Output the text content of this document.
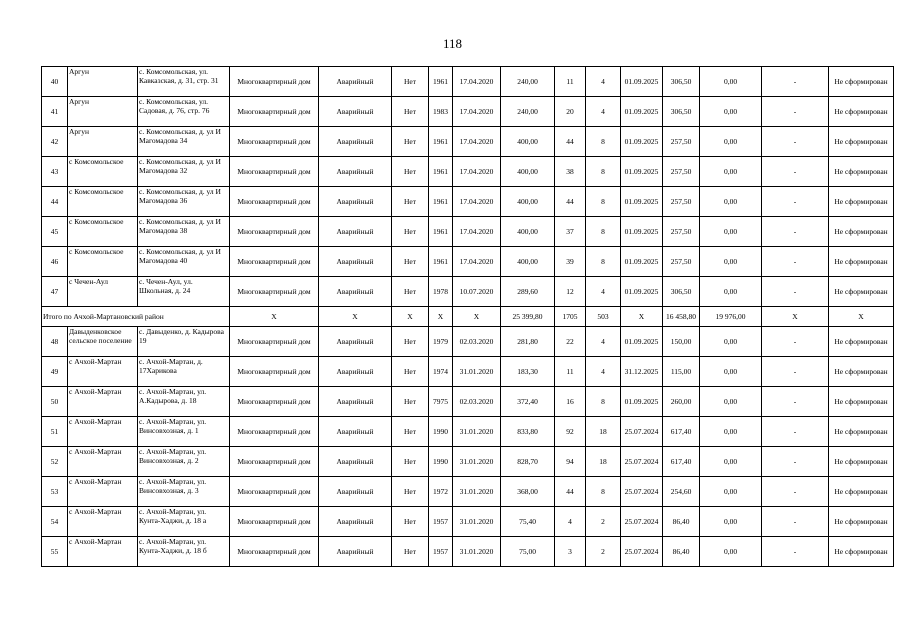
118
40	Аргун	с. Комсомольская, ул. Кавказская, д. 31, стр. 31	Многоквартирный дом	Аварийный	Нет	1961	17.04.2020	240,00	11	4	01.09.2025	306,50	0,00	-	Не сформирован
41	Аргун	с. Комсомольская, ул. Садовая, д. 76, стр. 76	Многоквартирный дом	Аварийный	Нет	1983	17.04.2020	240,00	20	4	01.09.2025	306,50	0,00	-	Не сформирован
42	Аргун	с. Комсомольская, д. ул И Магомадова 34	Многоквартирный дом	Аварийный	Нет	1961	17.04.2020	400,00	44	8	01.09.2025	257,50	0,00	-	Не сформирован
43	с Комсомольское	с. Комсомольская, д. ул И Магомадова 32	Многоквартирный дом	Аварийный	Нет	1961	17.04.2020	400,00	38	8	01.09.2025	257,50	0,00	-	Не сформирован
44	с Комсомольское	с. Комсомольская, д. ул И Магомадова 36	Многоквартирный дом	Аварийный	Нет	1961	17.04.2020	400,00	44	8	01.09.2025	257,50	0,00	-	Не сформирован
45	с Комсомольское	с. Комсомольская, д. ул И Магомадова 38	Многоквартирный дом	Аварийный	Нет	1961	17.04.2020	400,00	37	8	01.09.2025	257,50	0,00	-	Не сформирован
46	с Комсомольское	с. Комсомольская, д. ул И Магомадова 40	Многоквартирный дом	Аварийный	Нет	1961	17.04.2020	400,00	39	8	01.09.2025	257,50	0,00	-	Не сформирован
47	с Чечен-Аул	с. Чечен-Аул, ул. Школьная, д. 24	Многоквартирный дом	Аварийный	Нет	1978	10.07.2020	289,60	12	4	01.09.2025	306,50	0,00	-	Не сформирован
Итого по Ачхой-Мартановский район			X	X	X	X	X	25 399,80	1705	503	X	16 458,80	19 976,00	X	X
48	Давыденковское сельское поселение	с. Давыденко, д. Кадырова 19	Многоквартирный дом	Аварийный	Нет	1979	02.03.2020	281,80	22	4	01.09.2025	150,00	0,00	-	Не сформирован
49	с Ачхой-Мартан	с. Ачхой-Мартан, д. 17Харикова	Многоквартирный дом	Аварийный	Нет	1974	31.01.2020	183,30	11	4	31.12.2025	115,00	0,00	-	Не сформирован
50	с Ачхой-Мартан	с. Ачхой-Мартан, ул. А.Кадырова, д. 18	Многоквартирный дом	Аварийный	Нет	7975	02.03.2020	372,40	16	8	01.09.2025	260,00	0,00	-	Не сформирован
51	с Ачхой-Мартан	с. Ачхой-Мартан, ул. Винсовхозная, д. 1	Многоквартирный дом	Аварийный	Нет	1990	31.01.2020	833,80	92	18	25.07.2024	617,40	0,00	-	Не сформирован
52	с Ачхой-Мартан	с. Ачхой-Мартан, ул. Винсовхозная, д. 2	Многоквартирный дом	Аварийный	Нет	1990	31.01.2020	828,70	94	18	25.07.2024	617,40	0,00	-	Не сформирован
53	с Ачхой-Мартан	с. Ачхой-Мартан, ул. Винсовхозная, д. 3	Многоквартирный дом	Аварийный	Нет	1972	31.01.2020	368,00	44	8	25.07.2024	254,60	0,00	-	Не сформирован
54	с Ачхой-Мартан	с. Ачхой-Мартан, ул. Кунта-Хаджи, д. 18 а	Многоквартирный дом	Аварийный	Нет	1957	31.01.2020	75,40	4	2	25.07.2024	86,40	0,00	-	Не сформирован
55	с Ачхой-Мартан	с. Ачхой-Мартан, ул. Кунта-Хаджи, д. 18 б	Многоквартирный дом	Аварийный	Нет	1957	31.01.2020	75,00	3	2	25.07.2024	86,40	0,00	-	Не сформирован
